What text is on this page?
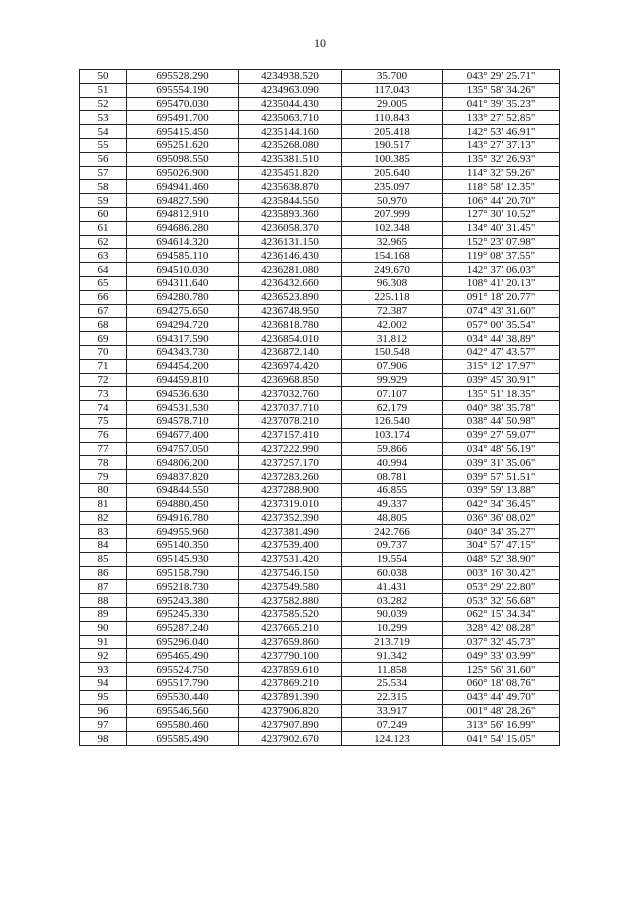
10
50	695528.290	4234938.520	35.700	043° 29' 25.71"
51	695554.190	4234963.090	117.043	135° 58' 34.26"
52	695470.030	4235044.430	29.005	041° 39' 35.23"
53	695491.700	4235063.710	110.843	133° 27' 52.85"
54	695415.450	4235144.160	205.418	142° 53' 46.91"
55	695251.620	4235268.080	190.517	143° 27' 37.13"
56	695098.550	4235381.510	100.385	135° 32' 26.93"
57	695026.900	4235451.820	205.640	114° 32' 59.26"
58	694941.460	4235638.870	235.097	118° 58' 12.35"
59	694827.590	4235844.550	50.970	106° 44' 20.70"
60	694812.910	4235893.360	207.999	127° 30' 10.52"
61	694686.280	4236058.370	102.348	134° 40' 31.45"
62	694614.320	4236131.150	32.965	152° 23' 07.98"
63	694585.110	4236146.430	154.168	119° 08' 37.55"
64	694510.030	4236281.080	249.670	142° 37' 06.03"
65	694311.640	4236432.660	96.308	108° 41' 20.13"
66	694280.780	4236523.890	225.118	091° 18' 20.77"
67	694275.650	4236748.950	72.387	074° 43' 31.60"
68	694294.720	4236818.780	42.002	057° 00' 35.54"
69	694317.590	4236854.010	31.812	034° 44' 38.89"
70	694343.730	4236872.140	150.548	042° 47' 43.57"
71	694454.200	4236974.420	07.906	315° 12' 17.97"
72	694459.810	4236968.850	99.929	039° 45' 30.91"
73	694536.630	4237032.760	07.107	135° 51' 18.35"
74	694531.530	4237037.710	62.179	040° 38' 35.78"
75	694578.710	4237078.210	126.540	038° 44' 50.98"
76	694677.400	4237157.410	103.174	039° 27' 59.07"
77	694757.050	4237222.990	59.866	034° 48' 56.19"
78	694806.200	4237257.170	40.994	039° 31' 35.06"
79	694837.820	4237283.260	08.781	039° 57' 51.51"
80	694844.550	4237288.900	46.855	039° 59' 13.88"
81	694880.450	4237319.010	49.337	042° 34' 36.45"
82	694916.780	4237352.390	48.805	036° 36' 08.02"
83	694955.960	4237381.490	242.766	040° 34' 35.27"
84	695140.350	4237539.400	09.737	304° 57' 47.15"
85	695145.930	4237531.420	19.554	048° 52' 38.90"
86	695158.790	4237546.150	60.038	003° 16' 30.42"
87	695218.730	4237549.580	41.431	053° 29' 22.80"
88	695243.380	4237582.880	03.282	053° 32' 56.68"
89	695245.330	4237585.520	90.039	062° 15' 34.34"
90	695287.240	4237665.210	10.299	328° 42' 08.28"
91	695296.040	4237659.860	213.719	037° 32' 45.73"
92	695465.490	4237790.100	91.342	049° 33' 03.99"
93	695524.750	4237859.610	11.858	125° 56' 31.60"
94	695517.790	4237869.210	25.534	060° 18' 08.76"
95	695530.440	4237891.390	22.315	043° 44' 49.70"
96	695546.560	4237906.820	33.917	001° 48' 28.26"
97	695580.460	4237907.890	07.249	313° 56' 16.99"
98	695585.490	4237902.670	124.123	041° 54' 15.05"
